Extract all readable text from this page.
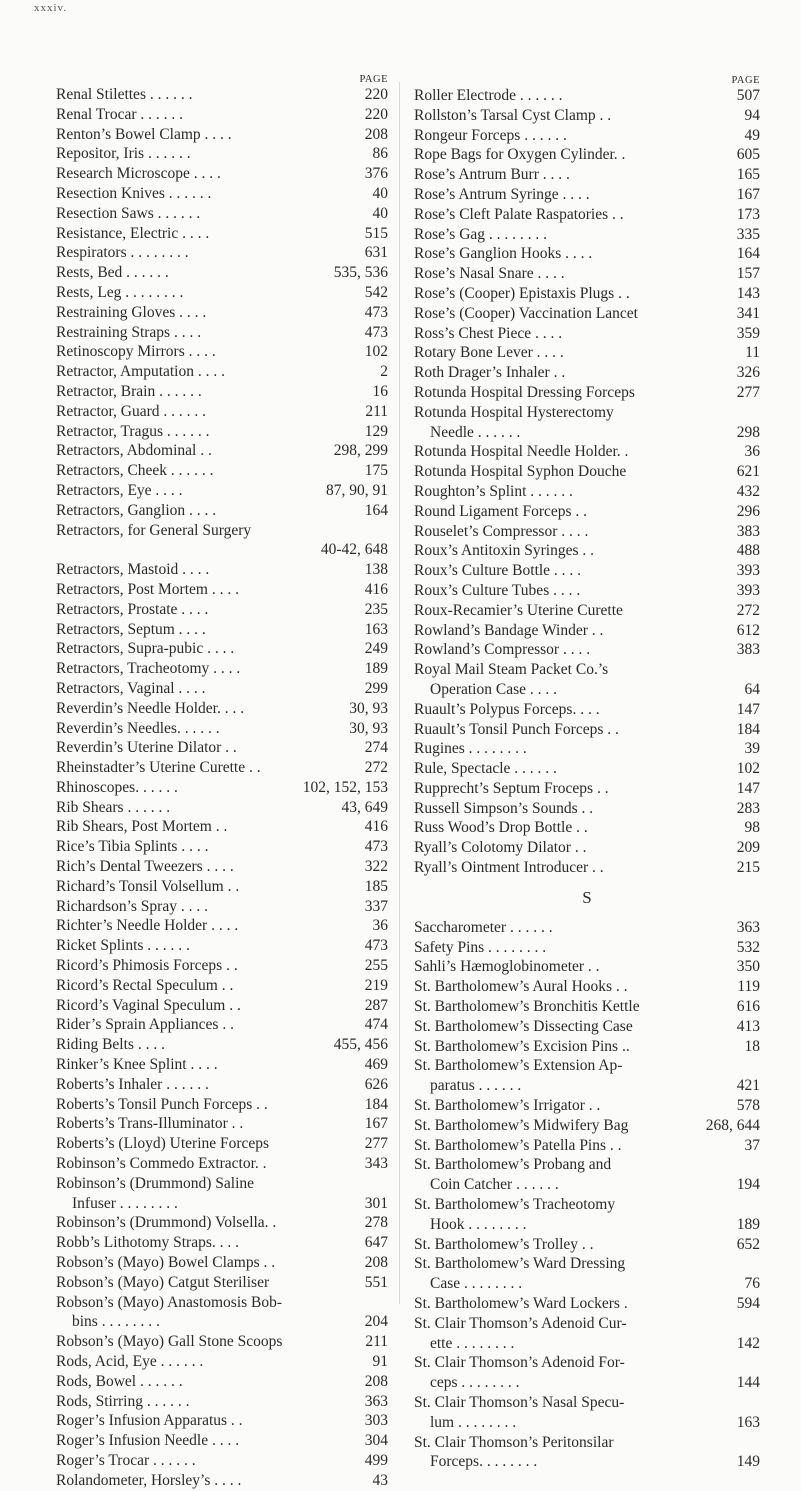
xxxiv.
PAGE
Renal Stilettes . . . . . .	220
Renal Trocar . . . . . .	220
Renton’s Bowel Clamp . . . .	208
Repositor, Iris . . . . . .	86
Research Microscope . . . .	376
Resection Knives . . . . . .	40
Resection Saws . . . . . .	40
Resistance, Electric . . . .	515
Respirators . . . . . . . .	631
Rests, Bed . . . . . .	535, 536
Rests, Leg . . . . . . . .	542
Restraining Gloves . . . .	473
Restraining Straps . . . .	473
Retinoscopy Mirrors . . . .	102
Retractor, Amputation . . . .	2
Retractor, Brain . . . . . .	16
Retractor, Guard . . . . . .	211
Retractor, Tragus . . . . . .	129
Retractors, Abdominal . .	298, 299
Retractors, Cheek . . . . . .	175
Retractors, Eye . . . .	87, 90, 91
Retractors, Ganglion . . . .	164
Retractors, for General Surgery
40-42, 648
Retractors, Mastoid . . . .	138
Retractors, Post Mortem . . . .	416
Retractors, Prostate . . . .	235
Retractors, Septum . . . .	163
Retractors, Supra-pubic . . . .	249
Retractors, Tracheotomy . . . .	189
Retractors, Vaginal . . . .	299
Reverdin’s Needle Holder. . . .	30, 93
Reverdin’s Needles. . . . . .	30, 93
Reverdin’s Uterine Dilator . .	274
Rheinstadter’s Uterine Curette . .	272
Rhinoscopes. . . . . .	102, 152, 153
Rib Shears . . . . . .	43, 649
Rib Shears, Post Mortem . .	416
Rice’s Tibia Splints . . . .	473
Rich’s Dental Tweezers . . . .	322
Richard’s Tonsil Volsellum . .	185
Richardson’s Spray . . . .	337
Richter’s Needle Holder . . . .	36
Ricket Splints . . . . . .	473
Ricord’s Phimosis Forceps . .	255
Ricord’s Rectal Speculum . .	219
Ricord’s Vaginal Speculum . .	287
Rider’s Sprain Appliances . .	474
Riding Belts . . . .	455, 456
Rinker’s Knee Splint . . . .	469
Roberts’s Inhaler . . . . . .	626
Roberts’s Tonsil Punch Forceps . .	184
Roberts’s Trans-Illuminator . .	167
Roberts’s (Lloyd) Uterine Forceps	277
Robinson’s Commedo Extractor. .	343
Robinson’s (Drummond) Saline
Infuser . . . . . . . .	301
Robinson’s (Drummond) Volsella. .	278
Robb’s Lithotomy Straps. . . .	647
Robson’s (Mayo) Bowel Clamps . .	208
Robson’s (Mayo) Catgut Steriliser	551
Robson’s (Mayo) Anastomosis Bob-
bins . . . . . . . .	204
Robson’s (Mayo) Gall Stone Scoops	211
Rods, Acid, Eye . . . . . .	91
Rods, Bowel . . . . . .	208
Rods, Stirring . . . . . .	363
Roger’s Infusion Apparatus . .	303
Roger’s Infusion Needle . . . .	304
Roger’s Trocar . . . . . .	499
Rolandometer, Horsley’s . . . .	43
PAGE
Roller Electrode . . . . . .	507
Rollston’s Tarsal Cyst Clamp . .	94
Rongeur Forceps . . . . . .	49
Rope Bags for Oxygen Cylinder. .	605
Rose’s Antrum Burr . . . .	165
Rose’s Antrum Syringe . . . .	167
Rose’s Cleft Palate Raspatories . .	173
Rose’s Gag . . . . . . . .	335
Rose’s Ganglion Hooks . . . .	164
Rose’s Nasal Snare . . . .	157
Rose’s (Cooper) Epistaxis Plugs . .	143
Rose’s (Cooper) Vaccination Lancet	341
Ross’s Chest Piece . . . .	359
Rotary Bone Lever . . . .	11
Roth Drager’s Inhaler . .	326
Rotunda Hospital Dressing Forceps	277
Rotunda Hospital Hysterectomy
Needle . . . . . .	298
Rotunda Hospital Needle Holder. .	36
Rotunda Hospital Syphon Douche	621
Roughton’s Splint . . . . . .	432
Round Ligament Forceps . .	296
Rouselet’s Compressor . . . .	383
Roux’s Antitoxin Syringes . .	488
Roux’s Culture Bottle . . . .	393
Roux’s Culture Tubes . . . .	393
Roux-Recamier’s Uterine Curette	272
Rowland’s Bandage Winder . .	612
Rowland’s Compressor . . . .	383
Royal Mail Steam Packet Co.’s
Operation Case . . . .	64
Ruault’s Polypus Forceps. . . .	147
Ruault’s Tonsil Punch Forceps . .	184
Rugines . . . . . . . .	39
Rule, Spectacle . . . . . .	102
Rupprecht’s Septum Froceps . .	147
Russell Simpson’s Sounds . .	283
Russ Wood’s Drop Bottle . .	98
Ryall’s Colotomy Dilator . .	209
Ryall’s Ointment Introducer . .	215
S
Saccharometer . . . . . .	363
Safety Pins . . . . . . . .	532
Sahli’s Hæmoglobinometer . .	350
St. Bartholomew’s Aural Hooks . .	119
St. Bartholomew’s Bronchitis Kettle	616
St. Bartholomew’s Dissecting Case	413
St. Bartholomew’s Excision Pins ..	18
St. Bartholomew’s Extension Ap-
paratus . . . . . .	421
St. Bartholomew’s Irrigator . .	578
St. Bartholomew’s Midwifery Bag	268, 644
St. Bartholomew’s Patella Pins . .	37
St. Bartholomew’s Probang and
Coin Catcher . . . . . .	194
St. Bartholomew’s Tracheotomy
Hook . . . . . . . .	189
St. Bartholomew’s Trolley . .	652
St. Bartholomew’s Ward Dressing
Case . . . . . . . .	76
St. Bartholomew’s Ward Lockers .	594
St. Clair Thomson’s Adenoid Cur-
ette . . . . . . . .	142
St. Clair Thomson’s Adenoid For-
ceps . . . . . . . .	144
St. Clair Thomson’s Nasal Specu-
lum . . . . . . . .	163
St. Clair Thomson’s Peritonsilar
Forceps. . . . . . . .	149
